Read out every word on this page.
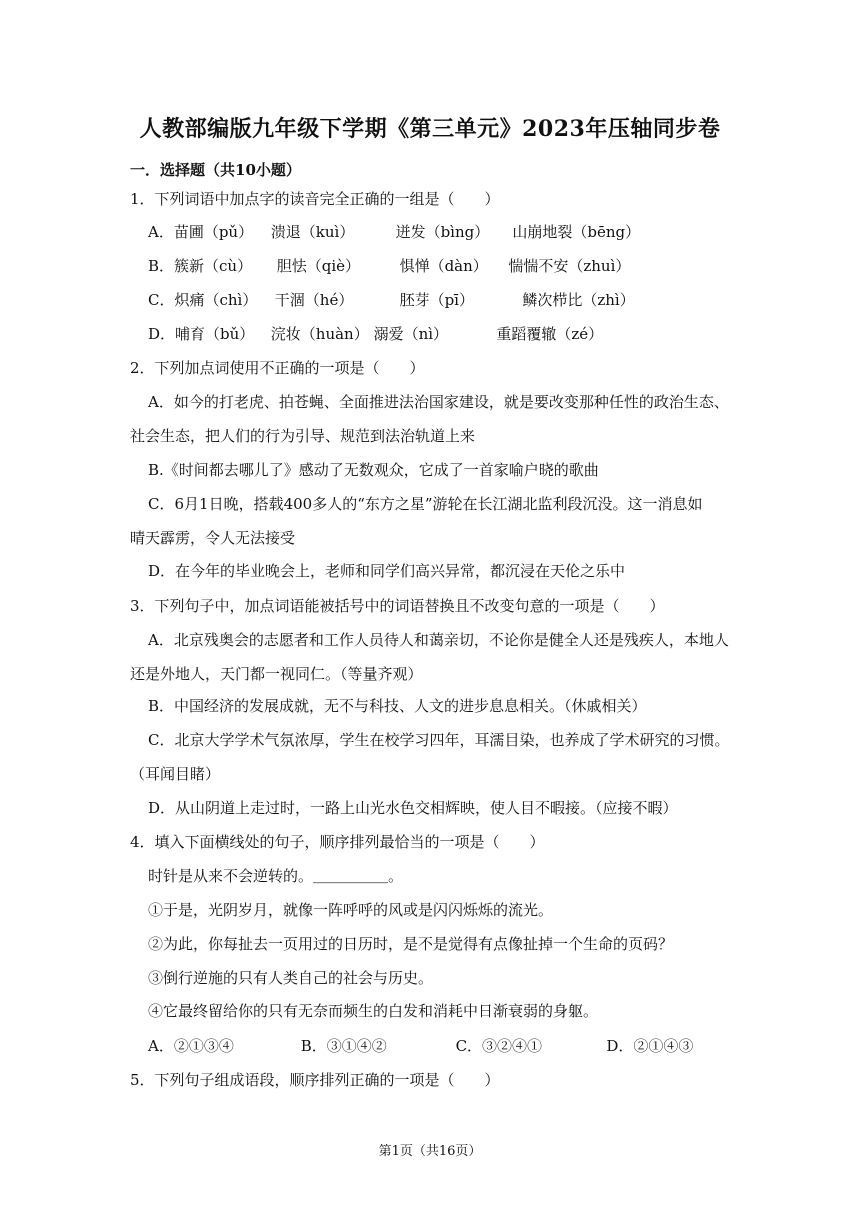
人教部编版九年级下学期《第三单元》2023年压轴同步卷
一．选择题（共10小题）
1．下列词语中加点字的读音完全正确的一组是（　　）
A．苗圃（pǔ） 溃退（kuì）	迸发（bìng） 山崩地裂（bēng）
B．簇新（cù） 胆怯（qiè）	惧惮（dàn） 惴惴不安（zhuì）
C．炽痛（chì） 干涸（hé）	胚芽（pī）	鳞次栉比（zhì）
D．哺育（bǔ） 浣妆（huàn） 溺爱（nì）	重蹈覆辙（zé）
2．下列加点词使用不正确的一项是（　　）
A．如今的打老虎、拍苍蝇、全面推进法治国家建设，就是要改变那种任性的政治生态、
社会生态，把人们的行为引导、规范到法治轨道上来
B.《时间都去哪儿了》感动了无数观众，它成了一首家喻户晓的歌曲
C．6月1日晚，搭载400多人的“东方之星”游轮在长江湖北监利段沉没。这一消息如
晴天霹雳，令人无法接受
D．在今年的毕业晚会上，老师和同学们高兴异常，都沉浸在天伦之乐中
3．下列句子中，加点词语能被括号中的词语替换且不改变句意的一项是（　　）
A．北京残奥会的志愿者和工作人员待人和蔼亲切，不论你是健全人还是残疾人，本地人
还是外地人，天门都一视同仁。（等量齐观）
B．中国经济的发展成就，无不与科技、人文的进步息息相关。（休戚相关）
C．北京大学学术气氛浓厚，学生在校学习四年，耳濡目染，也养成了学术研究的习惯。
（耳闻目睹）
D．从山阴道上走过时，一路上山光水色交相辉映，使人目不暇接。（应接不暇）
4．填入下面横线处的句子，顺序排列最恰当的一项是（　　）
时针是从来不会逆转的。＿＿＿＿＿。
①于是，光阴岁月，就像一阵呼呼的风或是闪闪烁烁的流光。
②为此，你每扯去一页用过的日历时，是不是觉得有点像扯掉一个生命的页码？
③倒行逆施的只有人类自己的社会与历史。
④它最终留给你的只有无奈而频生的白发和消耗中日渐衰弱的身躯。
A．②①③④	B．③①④②	C．③②④①	D．②①④③
5．下列句子组成语段，顺序排列正确的一项是（　　）
第1页（共16页）
